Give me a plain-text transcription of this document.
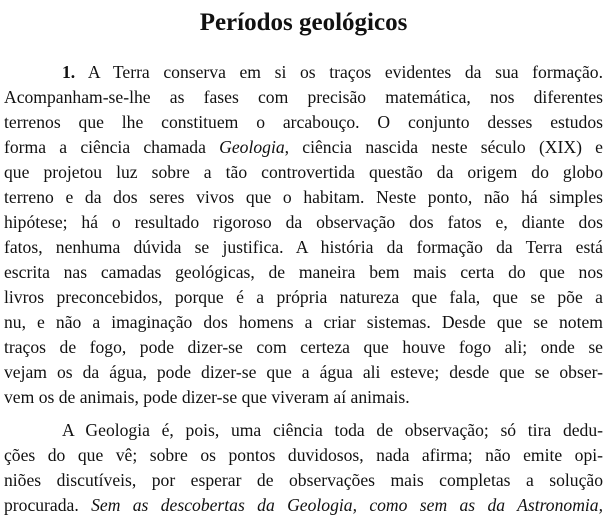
Períodos geológicos
1. A Terra conserva em si os traços evidentes da sua formação.
Acompanham-se-lhe as fases com precisão matemática, nos diferentes
terrenos que lhe constituem o arcabouço. O conjunto desses estudos
forma a ciência chamada Geologia, ciência nascida neste século (XIX) e
que projetou luz sobre a tão controvertida questão da origem do globo
terreno e da dos seres vivos que o habitam. Neste ponto, não há simples
hipótese; há o resultado rigoroso da observação dos fatos e, diante dos
fatos, nenhuma dúvida se justifica. A história da formação da Terra está
escrita nas camadas geológicas, de maneira bem mais certa do que nos
livros preconcebidos, porque é a própria natureza que fala, que se põe a
nu, e não a imaginação dos homens a criar sistemas. Desde que se notem
traços de fogo, pode dizer-se com certeza que houve fogo ali; onde se
vejam os da água, pode dizer-se que a água ali esteve; desde que se obser-
vem os de animais, pode dizer-se que viveram aí animais.
A Geologia é, pois, uma ciência toda de observação; só tira dedu-
ções do que vê; sobre os pontos duvidosos, nada afirma; não emite opi-
niões discutíveis, por esperar de observações mais completas a solução
procurada. Sem as descobertas da Geologia, como sem as da Astronomia,
